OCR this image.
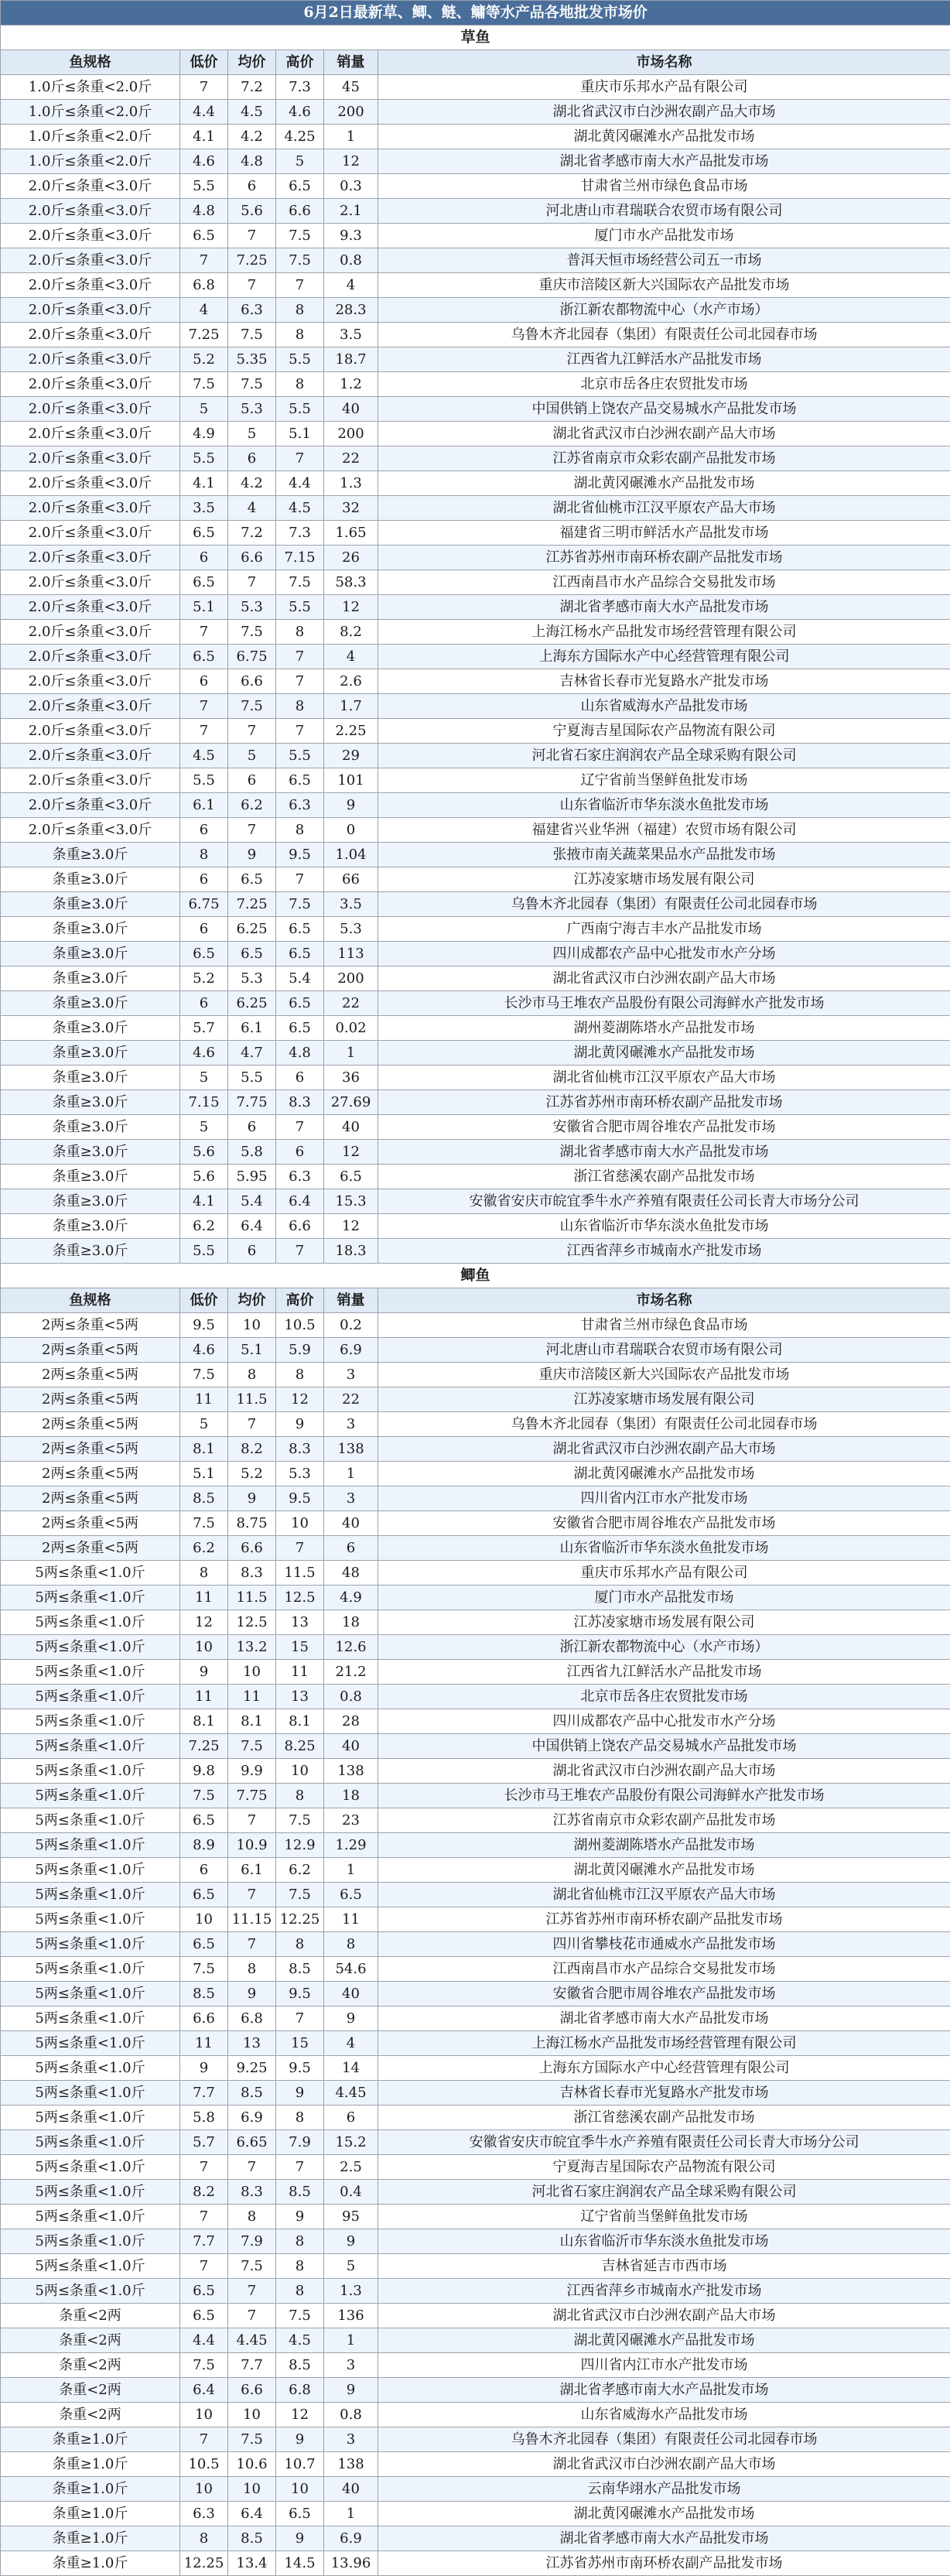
6月2日最新草、鲫、鲢、鳙等水产品各地批发市场价					
草鱼					
鱼规格	低价	均价	高价	销量	市场名称
1.0斤≤条重<2.0斤	7	7.2	7.3	45	重庆市乐邦水产品有限公司
1.0斤≤条重<2.0斤	4.4	4.5	4.6	200	湖北省武汉市白沙洲农副产品大市场
1.0斤≤条重<2.0斤	4.1	4.2	4.25	1	湖北黄冈碾滩水产品批发市场
1.0斤≤条重<2.0斤	4.6	4.8	5	12	湖北省孝感市南大水产品批发市场
2.0斤≤条重<3.0斤	5.5	6	6.5	0.3	甘肃省兰州市绿色食品市场
2.0斤≤条重<3.0斤	4.8	5.6	6.6	2.1	河北唐山市君瑞联合农贸市场有限公司
2.0斤≤条重<3.0斤	6.5	7	7.5	9.3	厦门市水产品批发市场
2.0斤≤条重<3.0斤	7	7.25	7.5	0.8	普洱天恒市场经营公司五一市场
2.0斤≤条重<3.0斤	6.8	7	7	4	重庆市涪陵区新大兴国际农产品批发市场
2.0斤≤条重<3.0斤	4	6.3	8	28.3	浙江新农都物流中心（水产市场）
2.0斤≤条重<3.0斤	7.25	7.5	8	3.5	乌鲁木齐北园春（集团）有限责任公司北园春市场
2.0斤≤条重<3.0斤	5.2	5.35	5.5	18.7	江西省九江鲜活水产品批发市场
2.0斤≤条重<3.0斤	7.5	7.5	8	1.2	北京市岳各庄农贸批发市场
2.0斤≤条重<3.0斤	5	5.3	5.5	40	中国供销上饶农产品交易城水产品批发市场
2.0斤≤条重<3.0斤	4.9	5	5.1	200	湖北省武汉市白沙洲农副产品大市场
2.0斤≤条重<3.0斤	5.5	6	7	22	江苏省南京市众彩农副产品批发市场
2.0斤≤条重<3.0斤	4.1	4.2	4.4	1.3	湖北黄冈碾滩水产品批发市场
2.0斤≤条重<3.0斤	3.5	4	4.5	32	湖北省仙桃市江汉平原农产品大市场
2.0斤≤条重<3.0斤	6.5	7.2	7.3	1.65	福建省三明市鲜活水产品批发市场
2.0斤≤条重<3.0斤	6	6.6	7.15	26	江苏省苏州市南环桥农副产品批发市场
2.0斤≤条重<3.0斤	6.5	7	7.5	58.3	江西南昌市水产品综合交易批发市场
2.0斤≤条重<3.0斤	5.1	5.3	5.5	12	湖北省孝感市南大水产品批发市场
2.0斤≤条重<3.0斤	7	7.5	8	8.2	上海江杨水产品批发市场经营管理有限公司
2.0斤≤条重<3.0斤	6.5	6.75	7	4	上海东方国际水产中心经营管理有限公司
2.0斤≤条重<3.0斤	6	6.6	7	2.6	吉林省长春市光复路水产批发市场
2.0斤≤条重<3.0斤	7	7.5	8	1.7	山东省威海水产品批发市场
2.0斤≤条重<3.0斤	7	7	7	2.25	宁夏海吉星国际农产品物流有限公司
2.0斤≤条重<3.0斤	4.5	5	5.5	29	河北省石家庄润润农产品全球采购有限公司
2.0斤≤条重<3.0斤	5.5	6	6.5	101	辽宁省前当堡鲜鱼批发市场
2.0斤≤条重<3.0斤	6.1	6.2	6.3	9	山东省临沂市华东淡水鱼批发市场
2.0斤≤条重<3.0斤	6	7	8	0	福建省兴业华洲（福建）农贸市场有限公司
条重≥3.0斤	8	9	9.5	1.04	张掖市南关蔬菜果品水产品批发市场
条重≥3.0斤	6	6.5	7	66	江苏凌家塘市场发展有限公司
条重≥3.0斤	6.75	7.25	7.5	3.5	乌鲁木齐北园春（集团）有限责任公司北园春市场
条重≥3.0斤	6	6.25	6.5	5.3	广西南宁海吉丰水产品批发市场
条重≥3.0斤	6.5	6.5	6.5	113	四川成都农产品中心批发市水产分场
条重≥3.0斤	5.2	5.3	5.4	200	湖北省武汉市白沙洲农副产品大市场
条重≥3.0斤	6	6.25	6.5	22	长沙市马王堆农产品股份有限公司海鲜水产批发市场
条重≥3.0斤	5.7	6.1	6.5	0.02	湖州菱湖陈塔水产品批发市场
条重≥3.0斤	4.6	4.7	4.8	1	湖北黄冈碾滩水产品批发市场
条重≥3.0斤	5	5.5	6	36	湖北省仙桃市江汉平原农产品大市场
条重≥3.0斤	7.15	7.75	8.3	27.69	江苏省苏州市南环桥农副产品批发市场
条重≥3.0斤	5	6	7	40	安徽省合肥市周谷堆农产品批发市场
条重≥3.0斤	5.6	5.8	6	12	湖北省孝感市南大水产品批发市场
条重≥3.0斤	5.6	5.95	6.3	6.5	浙江省慈溪农副产品批发市场
条重≥3.0斤	4.1	5.4	6.4	15.3	安徽省安庆市皖宜季牛水产养殖有限责任公司长青大市场分公司
条重≥3.0斤	6.2	6.4	6.6	12	山东省临沂市华东淡水鱼批发市场
条重≥3.0斤	5.5	6	7	18.3	江西省萍乡市城南水产批发市场
鲫鱼					
鱼规格	低价	均价	高价	销量	市场名称
2两≤条重<5两	9.5	10	10.5	0.2	甘肃省兰州市绿色食品市场
2两≤条重<5两	4.6	5.1	5.9	6.9	河北唐山市君瑞联合农贸市场有限公司
2两≤条重<5两	7.5	8	8	3	重庆市涪陵区新大兴国际农产品批发市场
2两≤条重<5两	11	11.5	12	22	江苏凌家塘市场发展有限公司
2两≤条重<5两	5	7	9	3	乌鲁木齐北园春（集团）有限责任公司北园春市场
2两≤条重<5两	8.1	8.2	8.3	138	湖北省武汉市白沙洲农副产品大市场
2两≤条重<5两	5.1	5.2	5.3	1	湖北黄冈碾滩水产品批发市场
2两≤条重<5两	8.5	9	9.5	3	四川省内江市水产批发市场
2两≤条重<5两	7.5	8.75	10	40	安徽省合肥市周谷堆农产品批发市场
2两≤条重<5两	6.2	6.6	7	6	山东省临沂市华东淡水鱼批发市场
5两≤条重<1.0斤	8	8.3	11.5	48	重庆市乐邦水产品有限公司
5两≤条重<1.0斤	11	11.5	12.5	4.9	厦门市水产品批发市场
5两≤条重<1.0斤	12	12.5	13	18	江苏凌家塘市场发展有限公司
5两≤条重<1.0斤	10	13.2	15	12.6	浙江新农都物流中心（水产市场）
5两≤条重<1.0斤	9	10	11	21.2	江西省九江鲜活水产品批发市场
5两≤条重<1.0斤	11	11	13	0.8	北京市岳各庄农贸批发市场
5两≤条重<1.0斤	8.1	8.1	8.1	28	四川成都农产品中心批发市水产分场
5两≤条重<1.0斤	7.25	7.5	8.25	40	中国供销上饶农产品交易城水产品批发市场
5两≤条重<1.0斤	9.8	9.9	10	138	湖北省武汉市白沙洲农副产品大市场
5两≤条重<1.0斤	7.5	7.75	8	18	长沙市马王堆农产品股份有限公司海鲜水产批发市场
5两≤条重<1.0斤	6.5	7	7.5	23	江苏省南京市众彩农副产品批发市场
5两≤条重<1.0斤	8.9	10.9	12.9	1.29	湖州菱湖陈塔水产品批发市场
5两≤条重<1.0斤	6	6.1	6.2	1	湖北黄冈碾滩水产品批发市场
5两≤条重<1.0斤	6.5	7	7.5	6.5	湖北省仙桃市江汉平原农产品大市场
5两≤条重<1.0斤	10	11.15	12.25	11	江苏省苏州市南环桥农副产品批发市场
5两≤条重<1.0斤	6.5	7	8	8	四川省攀枝花市通威水产品批发市场
5两≤条重<1.0斤	7.5	8	8.5	54.6	江西南昌市水产品综合交易批发市场
5两≤条重<1.0斤	8.5	9	9.5	40	安徽省合肥市周谷堆农产品批发市场
5两≤条重<1.0斤	6.6	6.8	7	9	湖北省孝感市南大水产品批发市场
5两≤条重<1.0斤	11	13	15	4	上海江杨水产品批发市场经营管理有限公司
5两≤条重<1.0斤	9	9.25	9.5	14	上海东方国际水产中心经营管理有限公司
5两≤条重<1.0斤	7.7	8.5	9	4.45	吉林省长春市光复路水产批发市场
5两≤条重<1.0斤	5.8	6.9	8	6	浙江省慈溪农副产品批发市场
5两≤条重<1.0斤	5.7	6.65	7.9	15.2	安徽省安庆市皖宜季牛水产养殖有限责任公司长青大市场分公司
5两≤条重<1.0斤	7	7	7	2.5	宁夏海吉星国际农产品物流有限公司
5两≤条重<1.0斤	8.2	8.3	8.5	0.4	河北省石家庄润润农产品全球采购有限公司
5两≤条重<1.0斤	7	8	9	95	辽宁省前当堡鲜鱼批发市场
5两≤条重<1.0斤	7.7	7.9	8	9	山东省临沂市华东淡水鱼批发市场
5两≤条重<1.0斤	7	7.5	8	5	吉林省延吉市西市场
5两≤条重<1.0斤	6.5	7	8	1.3	江西省萍乡市城南水产批发市场
条重<2两	6.5	7	7.5	136	湖北省武汉市白沙洲农副产品大市场
条重<2两	4.4	4.45	4.5	1	湖北黄冈碾滩水产品批发市场
条重<2两	7.5	7.7	8.5	3	四川省内江市水产批发市场
条重<2两	6.4	6.6	6.8	9	湖北省孝感市南大水产品批发市场
条重<2两	10	10	12	0.8	山东省威海水产品批发市场
条重≥1.0斤	7	7.5	9	3	乌鲁木齐北园春（集团）有限责任公司北园春市场
条重≥1.0斤	10.5	10.6	10.7	138	湖北省武汉市白沙洲农副产品大市场
条重≥1.0斤	10	10	10	40	云南华翊水产品批发市场
条重≥1.0斤	6.3	6.4	6.5	1	湖北黄冈碾滩水产品批发市场
条重≥1.0斤	8	8.5	9	6.9	湖北省孝感市南大水产品批发市场
条重≥1.0斤	12.25	13.4	14.5	13.96	江苏省苏州市南环桥农副产品批发市场
